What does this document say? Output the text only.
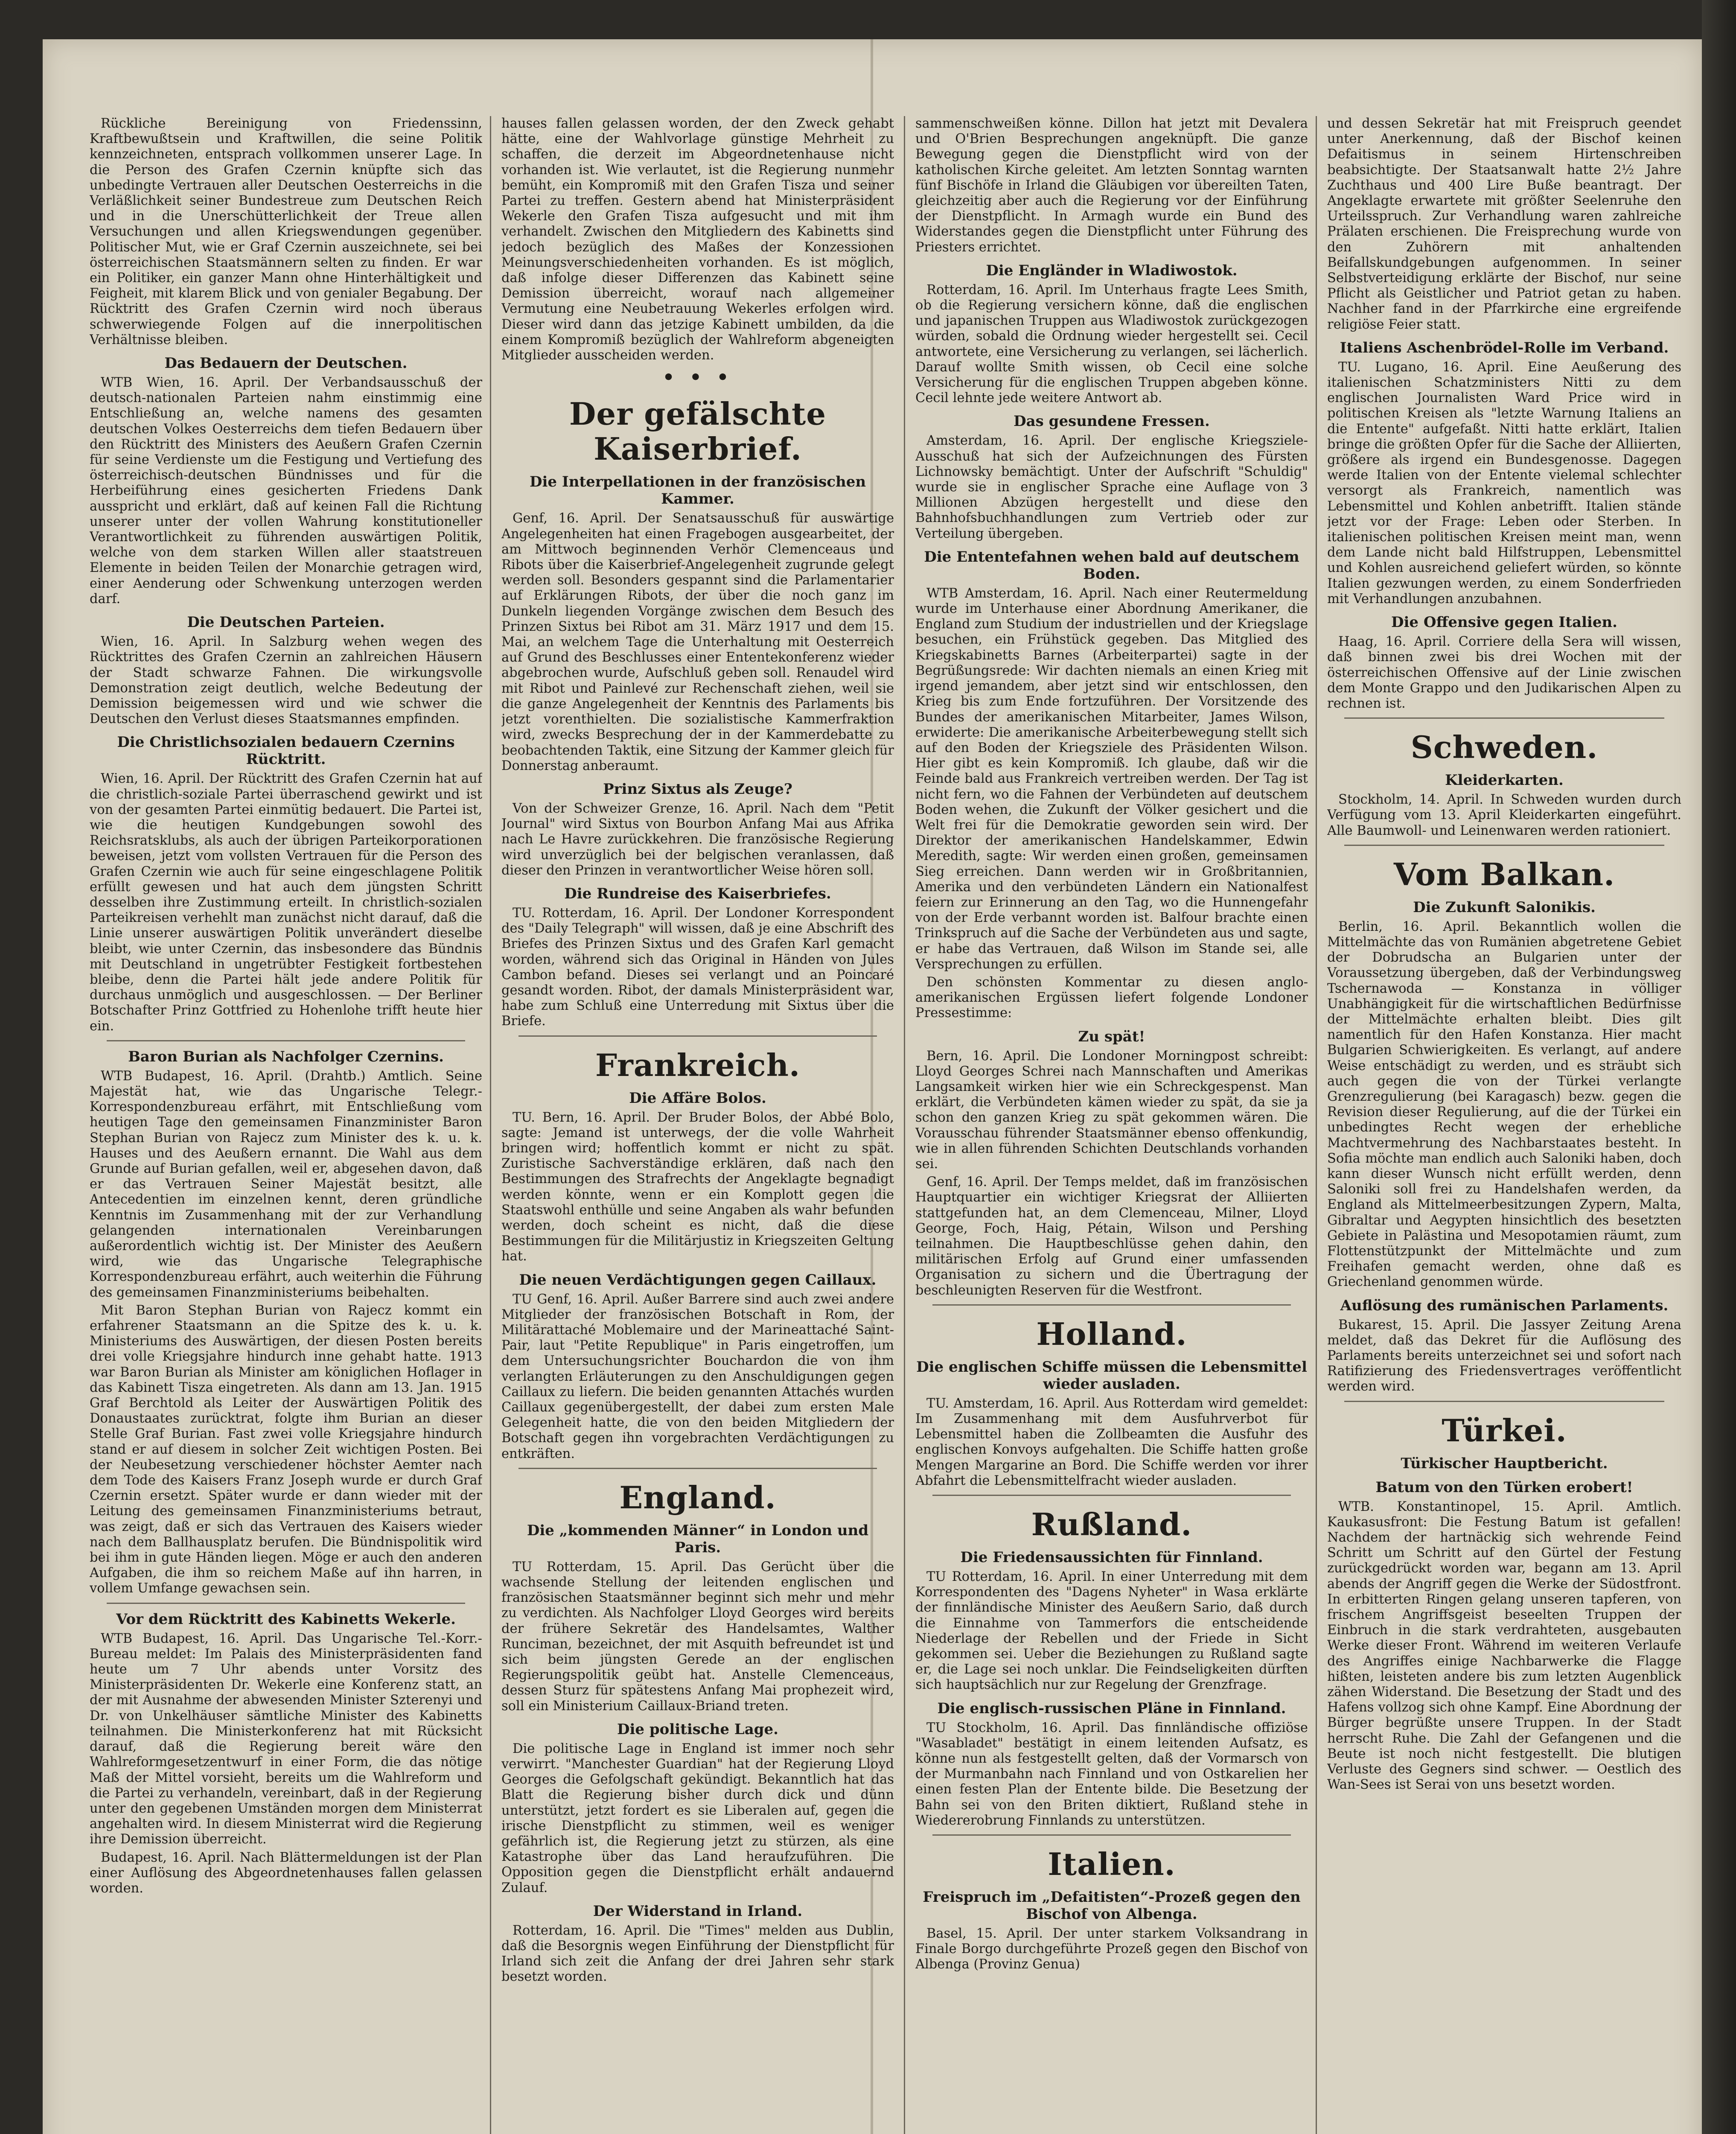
Rückliche Bereinigung von Friedenssinn, Kraftbewußtsein und Kraftwillen, die seine Politik kennzeichneten, entsprach vollkommen unserer Lage. In die Person des Grafen Czernin knüpfte sich das unbedingte Vertrauen aller Deutschen Oesterreichs in die Verläßlichkeit seiner Bundestreue zum Deutschen Reich und in die Unerschütterlichkeit der Treue allen Versuchungen und allen Kriegswendungen gegenüber. Politischer Mut, wie er Graf Czernin auszeichnete, sei bei österreichischen Staatsmännern selten zu finden. Er war ein Politiker, ein ganzer Mann ohne Hinterhältigkeit und Feigheit, mit klarem Blick und von genialer Begabung. Der Rücktritt des Grafen Czernin wird noch überaus schwerwiegende Folgen auf die innerpolitischen Verhältnisse bleiben.

Das Bedauern der Deutschen.

WTB Wien, 16. April. Der Verbandsausschuß der deutsch-nationalen Parteien nahm einstimmig eine Entschließung an, welche namens des gesamten deutschen Volkes Oesterreichs dem tiefen Bedauern über den Rücktritt des Ministers des Aeußern Grafen Czernin für seine Verdienste um die Festigung und Vertiefung des österreichisch-deutschen Bündnisses und für die Herbeiführung eines gesicherten Friedens Dank ausspricht und erklärt, daß auf keinen Fall die Richtung unserer unter der vollen Wahrung konstitutioneller Verantwortlichkeit zu führenden auswärtigen Politik, welche von dem starken Willen aller staatstreuen Elemente in beiden Teilen der Monarchie getragen wird, einer Aenderung oder Schwenkung unterzogen werden darf.

Die Deutschen Parteien.

Wien, 16. April. In Salzburg wehen wegen des Rücktrittes des Grafen Czernin an zahlreichen Häusern der Stadt schwarze Fahnen. Die wirkungsvolle Demonstration zeigt deutlich, welche Bedeutung der Demission beigemessen wird und wie schwer die Deutschen den Verlust dieses Staatsmannes empfinden.

Die Christlichsozialen bedauern Czernins Rücktritt.

Wien, 16. April. Der Rücktritt des Grafen Czernin hat auf die christlich-soziale Partei überraschend gewirkt und ist von der gesamten Partei einmütig bedauert. Die Partei ist, wie die heutigen Kundgebungen sowohl des Reichsratsklubs, als auch der übrigen Parteikorporationen beweisen, jetzt vom vollsten Vertrauen für die Person des Grafen Czernin wie auch für seine eingeschlagene Politik erfüllt gewesen und hat auch dem jüngsten Schritt desselben ihre Zustimmung erteilt. In christlich-sozialen Parteikreisen verhehlt man zunächst nicht darauf, daß die Linie unserer auswärtigen Politik unverändert dieselbe bleibt, wie unter Czernin, das insbesondere das Bündnis mit Deutschland in ungetrübter Festigkeit fortbestehen bleibe, denn die Partei hält jede andere Politik für durchaus unmöglich und ausgeschlossen. — Der Berliner Botschafter Prinz Gottfried zu Hohenlohe trifft heute hier ein.

Baron Burian als Nachfolger Czernins.

WTB Budapest, 16. April. (Drahtb.) Amtlich. Seine Majestät hat, wie das Ungarische Telegr.-Korrespondenzbureau erfährt, mit Entschließung vom heutigen Tage den gemeinsamen Finanzminister Baron Stephan Burian von Rajecz zum Minister des k. u. k. Hauses und des Aeußern ernannt. Die Wahl aus dem Grunde auf Burian gefallen, weil er, abgesehen davon, daß er das Vertrauen Seiner Majestät besitzt, alle Antecedentien im einzelnen kennt, deren gründliche Kenntnis im Zusammenhang mit der zur Verhandlung gelangenden internationalen Vereinbarungen außerordentlich wichtig ist. Der Minister des Aeußern wird, wie das Ungarische Telegraphische Korrespondenzbureau erfährt, auch weiterhin die Führung des gemeinsamen Finanzministeriums beibehalten.

Mit Baron Stephan Burian von Rajecz kommt ein erfahrener Staatsmann an die Spitze des k. u. k. Ministeriums des Auswärtigen, der diesen Posten bereits drei volle Kriegsjahre hindurch inne gehabt hatte. 1913 war Baron Burian als Minister am königlichen Hoflager in das Kabinett Tisza eingetreten. Als dann am 13. Jan. 1915 Graf Berchtold als Leiter der Auswärtigen Politik des Donaustaates zurücktrat, folgte ihm Burian an dieser Stelle Graf Burian. Fast zwei volle Kriegsjahre hindurch stand er auf diesem in solcher Zeit wichtigen Posten. Bei der Neubesetzung verschiedener höchster Aemter nach dem Tode des Kaisers Franz Joseph wurde er durch Graf Czernin ersetzt. Später wurde er dann wieder mit der Leitung des gemeinsamen Finanzministeriums betraut, was zeigt, daß er sich das Vertrauen des Kaisers wieder nach dem Ballhausplatz berufen. Die Bündnispolitik wird bei ihm in gute Händen liegen. Möge er auch den anderen Aufgaben, die ihm so reichem Maße auf ihn harren, in vollem Umfange gewachsen sein.

Vor dem Rücktritt des Kabinetts Wekerle.

WTB Budapest, 16. April. Das Ungarische Tel.-Korr.-Bureau meldet: Im Palais des Ministerpräsidenten fand heute um 7 Uhr abends unter Vorsitz des Ministerpräsidenten Dr. Wekerle eine Konferenz statt, an der mit Ausnahme der abwesenden Minister Szterenyi und Dr. von Unkelhäuser sämtliche Minister des Kabinetts teilnahmen. Die Ministerkonferenz hat mit Rücksicht darauf, daß die Regierung bereit wäre den Wahlreformgesetzentwurf in einer Form, die das nötige Maß der Mittel vorsieht, bereits um die Wahlreform und die Partei zu verhandeln, vereinbart, daß in der Regierung unter den gegebenen Umständen morgen dem Ministerrat angehalten wird. In diesem Ministerrat wird die Regierung ihre Demission überreicht.

Budapest, 16. April. Nach Blättermeldungen ist der Plan einer Auflösung des Abgeordnetenhauses fallen gelassen worden.

hauses fallen gelassen worden, der den Zweck gehabt hätte, eine der Wahlvorlage günstige Mehrheit zu schaffen, die derzeit im Abgeordnetenhause nicht vorhanden ist. Wie verlautet, ist die Regierung nunmehr bemüht, ein Kompromiß mit den Grafen Tisza und seiner Partei zu treffen. Gestern abend hat Ministerpräsident Wekerle den Grafen Tisza aufgesucht und mit ihm verhandelt. Zwischen den Mitgliedern des Kabinetts sind jedoch bezüglich des Maßes der Konzessionen Meinungsverschiedenheiten vorhanden. Es ist möglich, daß infolge dieser Differenzen das Kabinett seine Demission überreicht, worauf nach allgemeiner Vermutung eine Neubetrauung Wekerles erfolgen wird. Dieser wird dann das jetzige Kabinett umbilden, da die einem Kompromiß bezüglich der Wahlreform abgeneigten Mitglieder ausscheiden werden.

• • •
Der gefälschte Kaiserbrief.
Die Interpellationen in der französischen Kammer.

Genf, 16. April. Der Senatsausschuß für auswärtige Angelegenheiten hat einen Fragebogen ausgearbeitet, der am Mittwoch beginnenden Verhör Clemenceaus und Ribots über die Kaiserbrief-Angelegenheit zugrunde gelegt werden soll. Besonders gespannt sind die Parlamentarier auf Erklärungen Ribots, der über die noch ganz im Dunkeln liegenden Vorgänge zwischen dem Besuch des Prinzen Sixtus bei Ribot am 31. März 1917 und dem 15. Mai, an welchem Tage die Unterhaltung mit Oesterreich auf Grund des Beschlusses einer Ententekonferenz wieder abgebrochen wurde, Aufschluß geben soll. Renaudel wird mit Ribot und Painlevé zur Rechenschaft ziehen, weil sie die ganze Angelegenheit der Kenntnis des Parlaments bis jetzt vorenthielten. Die sozialistische Kammerfraktion wird, zwecks Besprechung der in der Kammerdebatte zu beobachtenden Taktik, eine Sitzung der Kammer gleich für Donnerstag anberaumt.

Prinz Sixtus als Zeuge?

Von der Schweizer Grenze, 16. April. Nach dem "Petit Journal" wird Sixtus von Bourbon Anfang Mai aus Afrika nach Le Havre zurückkehren. Die französische Regierung wird unverzüglich bei der belgischen veranlassen, daß dieser den Prinzen in verantwortlicher Weise hören soll.

Die Rundreise des Kaiserbriefes.

TU. Rotterdam, 16. April. Der Londoner Korrespondent des "Daily Telegraph" will wissen, daß je eine Abschrift des Briefes des Prinzen Sixtus und des Grafen Karl gemacht worden, während sich das Original in Händen von Jules Cambon befand. Dieses sei verlangt und an Poincaré gesandt worden. Ribot, der damals Ministerpräsident war, habe zum Schluß eine Unterredung mit Sixtus über die Briefe.

Frankreich.
Die Affäre Bolos.

TU. Bern, 16. April. Der Bruder Bolos, der Abbé Bolo, sagte: Jemand ist unterwegs, der die volle Wahrheit bringen wird; hoffentlich kommt er nicht zu spät. Zuristische Sachverständige erklären, daß nach den Bestimmungen des Strafrechts der Angeklagte begnadigt werden könnte, wenn er ein Komplott gegen die Staatswohl enthülle und seine Angaben als wahr befunden werden, doch scheint es nicht, daß die diese Bestimmungen für die Militärjustiz in Kriegszeiten Geltung hat.

Die neuen Verdächtigungen gegen Caillaux.

TU Genf, 16. April. Außer Barrere sind auch zwei andere Mitglieder der französischen Botschaft in Rom, der Militärattaché Moblemaire und der Marineattaché Saint-Pair, laut "Petite Republique" in Paris eingetroffen, um dem Untersuchungsrichter Bouchardon die von ihm verlangten Erläuterungen zu den Anschuldigungen gegen Caillaux zu liefern. Die beiden genannten Attachés wurden Caillaux gegenübergestellt, der dabei zum ersten Male Gelegenheit hatte, die von den beiden Mitgliedern der Botschaft gegen ihn vorgebrachten Verdächtigungen zu entkräften.

England.
Die „kommenden Männer“ in London und Paris.

TU Rotterdam, 15. April. Das Gerücht über die wachsende Stellung der leitenden englischen und französischen Staatsmänner beginnt sich mehr und mehr zu verdichten. Als Nachfolger Lloyd Georges wird bereits der frühere Sekretär des Handelsamtes, Walther Runciman, bezeichnet, der mit Asquith befreundet ist und sich beim jüngsten Gerede an der englischen Regierungspolitik geübt hat. Anstelle Clemenceaus, dessen Sturz für spätestens Anfang Mai prophezeit wird, soll ein Ministerium Caillaux-Briand treten.

Die politische Lage.

Die politische Lage in England ist immer noch sehr verwirrt. "Manchester Guardian" hat der Regierung Lloyd Georges die Gefolgschaft gekündigt. Bekanntlich hat das Blatt die Regierung bisher durch dick und dünn unterstützt, jetzt fordert es sie Liberalen auf, gegen die irische Dienstpflicht zu stimmen, weil es weniger gefährlich ist, die Regierung jetzt zu stürzen, als eine Katastrophe über das Land heraufzuführen. Die Opposition gegen die Dienstpflicht erhält andauernd Zulauf.

Der Widerstand in Irland.

Rotterdam, 16. April. Die "Times" melden aus Dublin, daß die Besorgnis wegen Einführung der Dienstpflicht für Irland sich zeit die Anfang der drei Jahren sehr stark besetzt worden.

sammenschweißen könne. Dillon hat jetzt mit Devalera und O'Brien Besprechungen angeknüpft. Die ganze Bewegung gegen die Dienstpflicht wird von der katholischen Kirche geleitet. Am letzten Sonntag warnten fünf Bischöfe in Irland die Gläubigen vor übereilten Taten, gleichzeitig aber auch die Regierung vor der Einführung der Dienstpflicht. In Armagh wurde ein Bund des Widerstandes gegen die Dienstpflicht unter Führung des Priesters errichtet.

Die Engländer in Wladiwostok.

Rotterdam, 16. April. Im Unterhaus fragte Lees Smith, ob die Regierung versichern könne, daß die englischen und japanischen Truppen aus Wladiwostok zurückgezogen würden, sobald die Ordnung wieder hergestellt sei. Cecil antwortete, eine Versicherung zu verlangen, sei lächerlich. Darauf wollte Smith wissen, ob Cecil eine solche Versicherung für die englischen Truppen abgeben könne. Cecil lehnte jede weitere Antwort ab.

Das gesundene Fressen.

Amsterdam, 16. April. Der englische Kriegsziele-Ausschuß hat sich der Aufzeichnungen des Fürsten Lichnowsky bemächtigt. Unter der Aufschrift "Schuldig" wurde sie in englischer Sprache eine Auflage von 3 Millionen Abzügen hergestellt und diese den Bahnhofsbuchhandlungen zum Vertrieb oder zur Verteilung übergeben.

Die Ententefahnen wehen bald auf deutschem Boden.

WTB Amsterdam, 16. April. Nach einer Reutermeldung wurde im Unterhause einer Abordnung Amerikaner, die England zum Studium der industriellen und der Kriegslage besuchen, ein Frühstück gegeben. Das Mitglied des Kriegskabinetts Barnes (Arbeiterpartei) sagte in der Begrüßungsrede: Wir dachten niemals an einen Krieg mit irgend jemandem, aber jetzt sind wir entschlossen, den Krieg bis zum Ende fortzuführen. Der Vorsitzende des Bundes der amerikanischen Mitarbeiter, James Wilson, erwiderte: Die amerikanische Arbeiterbewegung stellt sich auf den Boden der Kriegsziele des Präsidenten Wilson. Hier gibt es kein Kompromiß. Ich glaube, daß wir die Feinde bald aus Frankreich vertreiben werden. Der Tag ist nicht fern, wo die Fahnen der Verbündeten auf deutschem Boden wehen, die Zukunft der Völker gesichert und die Welt frei für die Demokratie geworden sein wird. Der Direktor der amerikanischen Handelskammer, Edwin Meredith, sagte: Wir werden einen großen, gemeinsamen Sieg erreichen. Dann werden wir in Großbritannien, Amerika und den verbündeten Ländern ein Nationalfest feiern zur Erinnerung an den Tag, wo die Hunnengefahr von der Erde verbannt worden ist. Balfour brachte einen Trinkspruch auf die Sache der Verbündeten aus und sagte, er habe das Vertrauen, daß Wilson im Stande sei, alle Versprechungen zu erfüllen.

Den schönsten Kommentar zu diesen anglo-amerikanischen Ergüssen liefert folgende Londoner Pressestimme:

Zu spät!

Bern, 16. April. Die Londoner Morningpost schreibt: Lloyd Georges Schrei nach Mannschaften und Amerikas Langsamkeit wirken hier wie ein Schreckgespenst. Man erklärt, die Verbündeten kämen wieder zu spät, da sie ja schon den ganzen Krieg zu spät gekommen wären. Die Vorausschau führender Staatsmänner ebenso offenkundig, wie in allen führenden Schichten Deutschlands vorhanden sei.

Genf, 16. April. Der Temps meldet, daß im französischen Hauptquartier ein wichtiger Kriegsrat der Alliierten stattgefunden hat, an dem Clemenceau, Milner, Lloyd George, Foch, Haig, Pétain, Wilson und Pershing teilnahmen. Die Hauptbeschlüsse gehen dahin, den militärischen Erfolg auf Grund einer umfassenden Organisation zu sichern und die Übertragung der beschleunigten Reserven für die Westfront.

Holland.
Die englischen Schiffe müssen die Lebensmittel wieder ausladen.

TU. Amsterdam, 16. April. Aus Rotterdam wird gemeldet: Im Zusammenhang mit dem Ausfuhrverbot für Lebensmittel haben die Zollbeamten die Ausfuhr des englischen Konvoys aufgehalten. Die Schiffe hatten große Mengen Margarine an Bord. Die Schiffe werden vor ihrer Abfahrt die Lebensmittelfracht wieder ausladen.

Rußland.
Die Friedensaussichten für Finnland.

TU Rotterdam, 16. April. In einer Unterredung mit dem Korrespondenten des "Dagens Nyheter" in Wasa erklärte der finnländische Minister des Aeußern Sario, daß durch die Einnahme von Tammerfors die entscheidende Niederlage der Rebellen und der Friede in Sicht gekommen sei. Ueber die Beziehungen zu Rußland sagte er, die Lage sei noch unklar. Die Feindseligkeiten dürften sich hauptsächlich nur zur Regelung der Grenzfrage.

Die englisch-russischen Pläne in Finnland.

TU Stockholm, 16. April. Das finnländische offiziöse "Wasabladet" bestätigt in einem leitenden Aufsatz, es könne nun als festgestellt gelten, daß der Vormarsch von der Murmanbahn nach Finnland und von Ostkarelien her einen festen Plan der Entente bilde. Die Besetzung der Bahn sei von den Briten diktiert, Rußland stehe in Wiedererobrung Finnlands zu unterstützen.

Italien.
Freispruch im „Defaitisten“-Prozeß gegen den Bischof von Albenga.

Basel, 15. April. Der unter starkem Volksandrang in Finale Borgo durchgeführte Prozeß gegen den Bischof von Albenga (Provinz Genua)

und dessen Sekretär hat mit Freispruch geendet unter Anerkennung, daß der Bischof keinen Defaitismus in seinem Hirtenschreiben beabsichtigte. Der Staatsanwalt hatte 2½ Jahre Zuchthaus und 400 Lire Buße beantragt. Der Angeklagte erwartete mit größter Seelenruhe den Urteilsspruch. Zur Verhandlung waren zahlreiche Prälaten erschienen. Die Freisprechung wurde von den Zuhörern mit anhaltenden Beifallskundgebungen aufgenommen. In seiner Selbstverteidigung erklärte der Bischof, nur seine Pflicht als Geistlicher und Patriot getan zu haben. Nachher fand in der Pfarrkirche eine ergreifende religiöse Feier statt.

Italiens Aschenbrödel-Rolle im Verband.

TU. Lugano, 16. April. Eine Aeußerung des italienischen Schatzministers Nitti zu dem englischen Journalisten Ward Price wird in politischen Kreisen als "letzte Warnung Italiens an die Entente" aufgefaßt. Nitti hatte erklärt, Italien bringe die größten Opfer für die Sache der Alliierten, größere als irgend ein Bundesgenosse. Dagegen werde Italien von der Entente vielemal schlechter versorgt als Frankreich, namentlich was Lebensmittel und Kohlen anbetrifft. Italien stände jetzt vor der Frage: Leben oder Sterben. In italienischen politischen Kreisen meint man, wenn dem Lande nicht bald Hilfstruppen, Lebensmittel und Kohlen ausreichend geliefert würden, so könnte Italien gezwungen werden, zu einem Sonderfrieden mit Verhandlungen anzubahnen.

Die Offensive gegen Italien.

Haag, 16. April. Corriere della Sera will wissen, daß binnen zwei bis drei Wochen mit der österreichischen Offensive auf der Linie zwischen dem Monte Grappo und den Judikarischen Alpen zu rechnen ist.

Schweden.
Kleiderkarten.

Stockholm, 14. April. In Schweden wurden durch Verfügung vom 13. April Kleiderkarten eingeführt. Alle Baumwoll- und Leinenwaren werden rationiert.

Vom Balkan.
Die Zukunft Salonikis.

Berlin, 16. April. Bekanntlich wollen die Mittelmächte das von Rumänien abgetretene Gebiet der Dobrudscha an Bulgarien unter der Voraussetzung übergeben, daß der Verbindungsweg Tschernawoda — Konstanza in völliger Unabhängigkeit für die wirtschaftlichen Bedürfnisse der Mittelmächte erhalten bleibt. Dies gilt namentlich für den Hafen Konstanza. Hier macht Bulgarien Schwierigkeiten. Es verlangt, auf andere Weise entschädigt zu werden, und es sträubt sich auch gegen die von der Türkei verlangte Grenzregulierung (bei Karagasch) bezw. gegen die Revision dieser Regulierung, auf die der Türkei ein unbedingtes Recht wegen der erhebliche Machtvermehrung des Nachbarstaates besteht. In Sofia möchte man endlich auch Saloniki haben, doch kann dieser Wunsch nicht erfüllt werden, denn Saloniki soll frei zu Handelshafen werden, da England als Mittelmeerbesitzungen Zypern, Malta, Gibraltar und Aegypten hinsichtlich des besetzten Gebiete in Palästina und Mesopotamien räumt, zum Flottenstützpunkt der Mittelmächte und zum Freihafen gemacht werden, ohne daß es Griechenland genommen würde.

Auflösung des rumänischen Parlaments.

Bukarest, 15. April. Die Jassyer Zeitung Arena meldet, daß das Dekret für die Auflösung des Parlaments bereits unterzeichnet sei und sofort nach Ratifizierung des Friedensvertrages veröffentlicht werden wird.

Türkei.
Türkischer Hauptbericht.
Batum von den Türken erobert!

WTB. Konstantinopel, 15. April. Amtlich. Kaukasusfront: Die Festung Batum ist gefallen! Nachdem der hartnäckig sich wehrende Feind Schritt um Schritt auf den Gürtel der Festung zurückgedrückt worden war, begann am 13. April abends der Angriff gegen die Werke der Südostfront. In erbitterten Ringen gelang unseren tapferen, von frischem Angriffsgeist beseelten Truppen der Einbruch in die stark verdrahteten, ausgebauten Werke dieser Front. Während im weiteren Verlaufe des Angriffes einige Nachbarwerke die Flagge hißten, leisteten andere bis zum letzten Augenblick zähen Widerstand. Die Besetzung der Stadt und des Hafens vollzog sich ohne Kampf. Eine Abordnung der Bürger begrüßte unsere Truppen. In der Stadt herrscht Ruhe. Die Zahl der Gefangenen und die Beute ist noch nicht festgestellt. Die blutigen Verluste des Gegners sind schwer. — Oestlich des Wan-Sees ist Serai von uns besetzt worden.
